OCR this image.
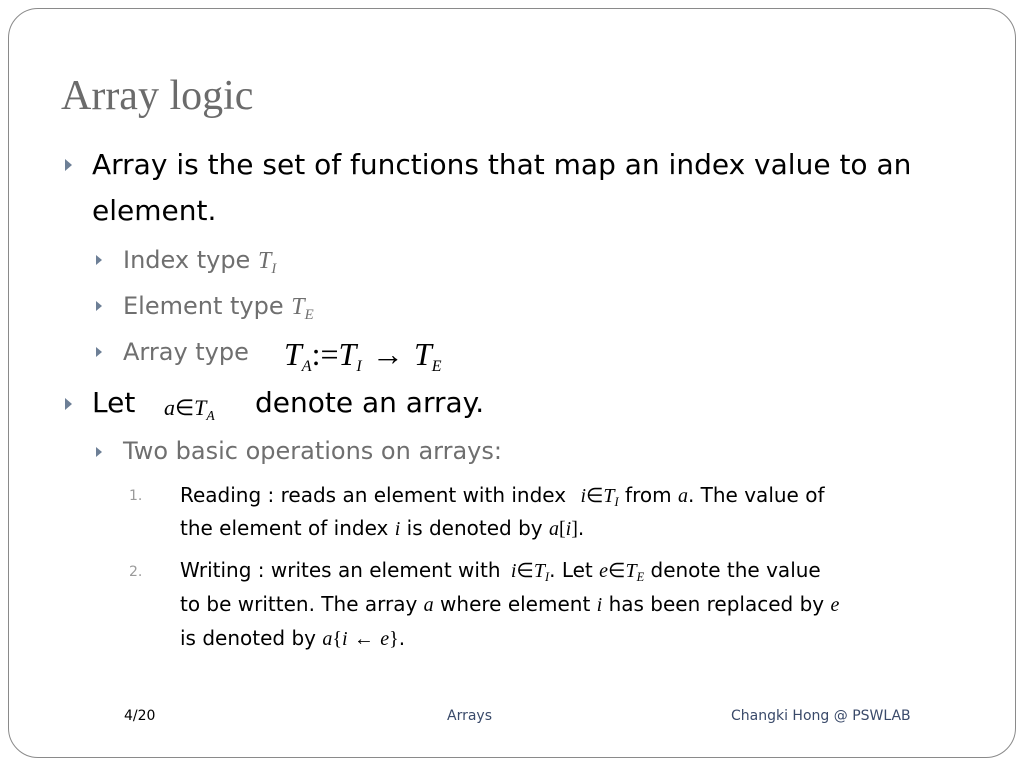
Array logic
Array is the set of functions that map an index value to an
element.
Index type $T_I$
Element type $T_E$
Array type TA:=TI → TE
Let $a\in T_A$ denote an array.
Two basic operations on arrays:
1. Reading : reads an element with index $i\in T_I$ from a. The value of
the element of index i is denoted by a[i].
2. Writing : writes an element with $i\in T_I$. Let $e\in T_E$ denote the value
to be written. The array a where element i has been replaced by e
is denoted by a{i ← e}.
4/20	Arrays	Changki Hong @ PSWLAB
